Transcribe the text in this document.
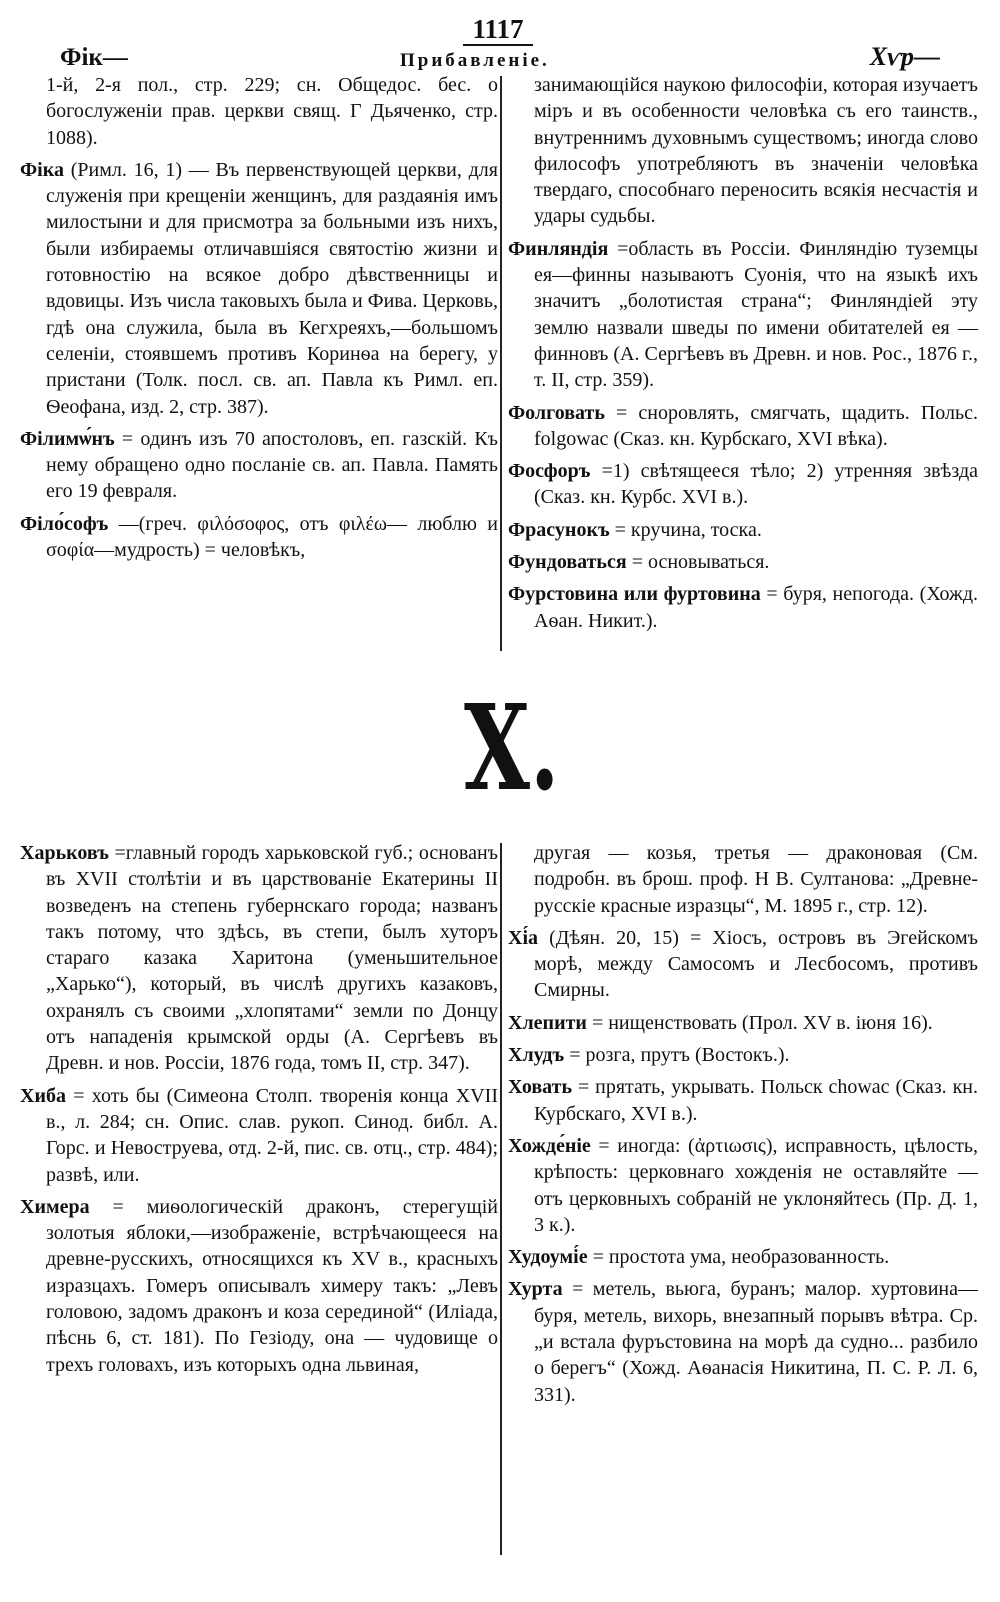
1117
Фік—	Прибавленіе.	Хѵр—

1-й, 2-я пол., стр. 229; сн. Общедос. бес. о богослуженіи прав. церкви свящ. Г Дьяченко, стр. 1088).

Фіка (Римл. 16, 1) — Въ первенствующей церкви, для служенія при крещеніи женщинъ, для раздаянія имъ милостыни и для присмотра за больными изъ нихъ, были избираемы отличавшіяся святостію жизни и готовностію на всякое добро дѣвственницы и вдовицы. Изъ числа таковыхъ была и Фива. Церковь, гдѣ она служила, была въ Кегхреяхъ,—большомъ селеніи, стоявшемъ противъ Коринѳа на берегу, у пристани (Толк. посл. св. ап. Павла къ Римл. еп. Ѳеофана, изд. 2, стр. 387).

Філимѡ́нъ = одинъ изъ 70 апостоловъ, еп. газскій. Къ нему обращено одно посланіе св. ап. Павла. Память его 19 февраля.

Філо́софъ —(греч. φιλόσοφος, отъ φιλέω— люблю и σοφία—мудрость) = человѣкъ,

занимающійся наукою философіи, которая изучаетъ міръ и въ особенности человѣка съ его таинств., внутреннимъ духовнымъ существомъ; иногда слово философъ употребляютъ въ значеніи человѣка твердаго, способнаго переносить всякія несчастія и удары судьбы.

Финляндія =область въ Россіи. Финляндію туземцы ея—финны называютъ Суонія, что на языкѣ ихъ значитъ „болотистая страна“; Финляндіей эту землю назвали шведы по имени обитателей ея — финновъ (А. Сергѣевъ въ Древн. и нов. Рос., 1876 г., т. II, стр. 359).

Фолговать = сноровлять, смягчать, щадить. Польс. folgowac (Сказ. кн. Курбскаго, XVI вѣка).

Фосфоръ =1) свѣтящееся тѣло; 2) утренняя звѣзда (Сказ. кн. Курбс. XVI в.).

Фрасунокъ = кручина, тоска.

Фундоваться = основываться.

Фурстовина или фуртовина = буря, непогода. (Хожд. Аѳан. Никит.).

Х.

Харьковъ =главный городъ харьковской губ.; основанъ въ XVII столѣтіи и въ царствованіе Екатерины II возведенъ на степень губернскаго города; названъ такъ потому, что здѣсь, въ степи, былъ хуторъ стараго казака Харитона (уменьшительное „Харько“), который, въ числѣ другихъ казаковъ, охранялъ съ своими „хлопятами“ земли по Донцу отъ нападенія крымской орды (А. Сергѣевъ въ Древн. и нов. Россіи, 1876 года, томъ II, стр. 347).

Хиба = хоть бы (Симеона Столп. творенія конца XVII в., л. 284; сн. Опис. слав. рукоп. Синод. библ. А. Горс. и Невоструева, отд. 2-й, пис. св. отц., стр. 484); развѣ, или.

Химера = миѳологическій драконъ, стерегущій золотыя яблоки,—изображеніе, встрѣчающееся на древне-русскихъ, относящихся къ XV в., красныхъ изразцахъ. Гомеръ описывалъ химеру такъ: „Левъ головою, задомъ драконъ и коза серединой“ (Иліада, пѣснь 6, ст. 181). По Гезіоду, она — чудовище о трехъ головахъ, изъ которыхъ одна львиная,

другая — козья, третья — драконовая (См. подробн. въ брош. проф. Н В. Султанова: „Древне-русскіе красные изразцы“, М. 1895 г., стр. 12).

Хі́а (Дѣян. 20, 15) = Хіосъ, островъ въ Эгейскомъ морѣ, между Самосомъ и Лесбосомъ, противъ Смирны.

Хлепити = нищенствовать (Прол. XV в. іюня 16).

Хлудъ = розга, прутъ (Востокъ.).

Ховать = прятать, укрывать. Польск chowac (Сказ. кн. Курбскаго, XVI в.).

Хожде́ніе = иногда: (ἀρτιωσις), исправность, цѣлость, крѣпость: церковнаго хожденія не оставляйте — отъ церковныхъ собраній не уклоняйтесь (Пр. Д. 1, 3 к.).

Худоумі́е = простота ума, необразованность.

Хурта = метель, вьюга, буранъ; малор. хуртовина—буря, метель, вихорь, внезапный порывъ вѣтра. Ср. „и встала фуръстовина на морѣ да судно... разбило о берегъ“ (Хожд. Аѳанасія Никитина, П. С. Р. Л. 6, 331).
